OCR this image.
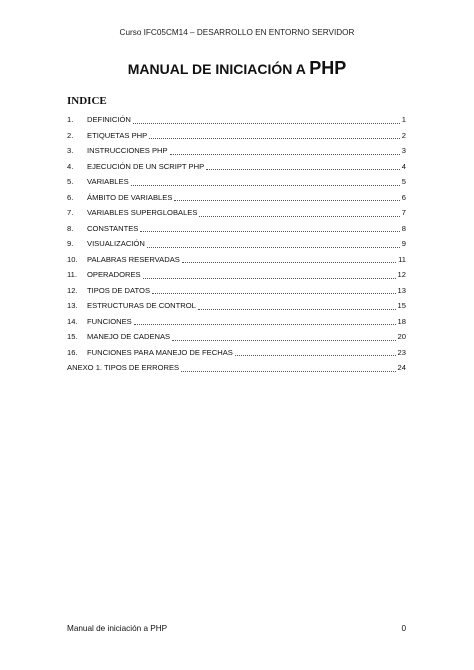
Curso IFC05CM14 – DESARROLLO EN ENTORNO SERVIDOR
MANUAL DE INICIACIÓN A PHP
INDICE
1.	DEFINICIÓN	1
2.	ETIQUETAS PHP	2
3.	INSTRUCCIONES PHP	3
4.	EJECUCIÓN DE UN SCRIPT PHP	4
5.	VARIABLES	5
6.	ÁMBITO DE VARIABLES	6
7.	VARIABLES SUPERGLOBALES	7
8.	CONSTANTES	8
9.	VISUALIZACIÓN	9
10.	PALABRAS RESERVADAS	11
11.	OPERADORES	12
12.	TIPOS DE DATOS	13
13.	ESTRUCTURAS DE CONTROL	15
14.	FUNCIONES	18
15.	MANEJO DE CADENAS	20
16.	FUNCIONES PARA MANEJO DE FECHAS	23
ANEXO 1. TIPOS DE ERRORES	24
Manual de iniciación a PHP	0
